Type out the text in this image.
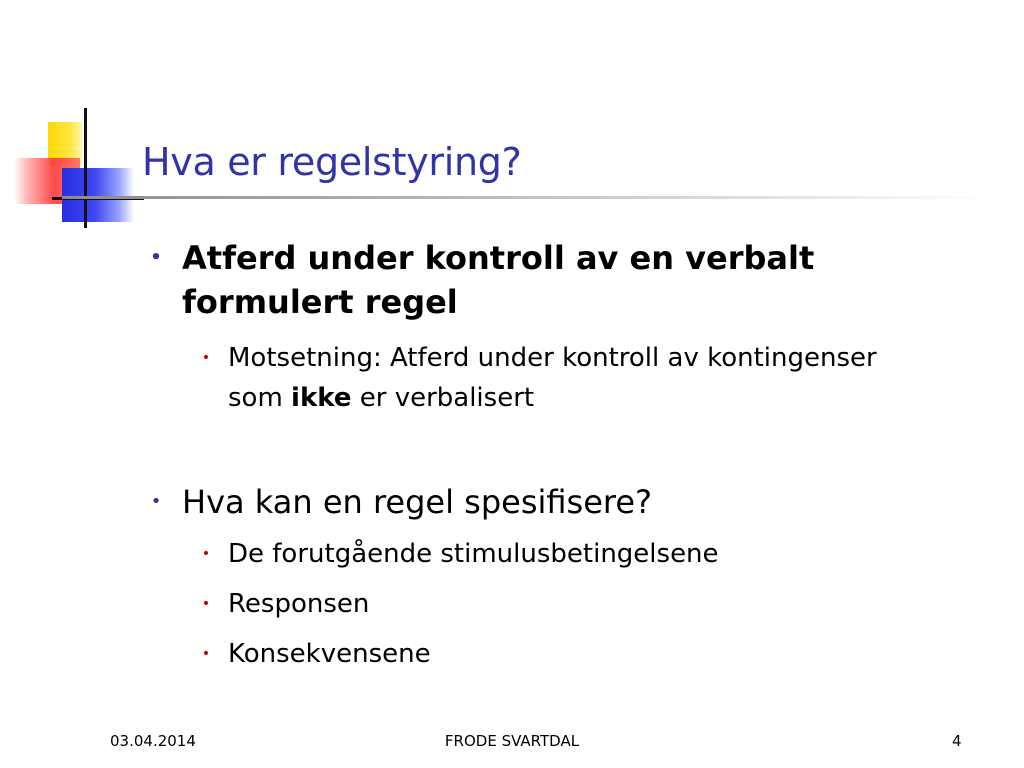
Hva er regelstyring?
• Atferd under kontroll av en verbalt
formulert regel
• Motsetning: Atferd under kontroll av kontingenser
som ikke er verbalisert
• Hva kan en regel spesifisere?
• De forutgående stimulusbetingelsene
• Responsen
• Konsekvensene
03.04.2014	FRODE SVARTDAL	4
